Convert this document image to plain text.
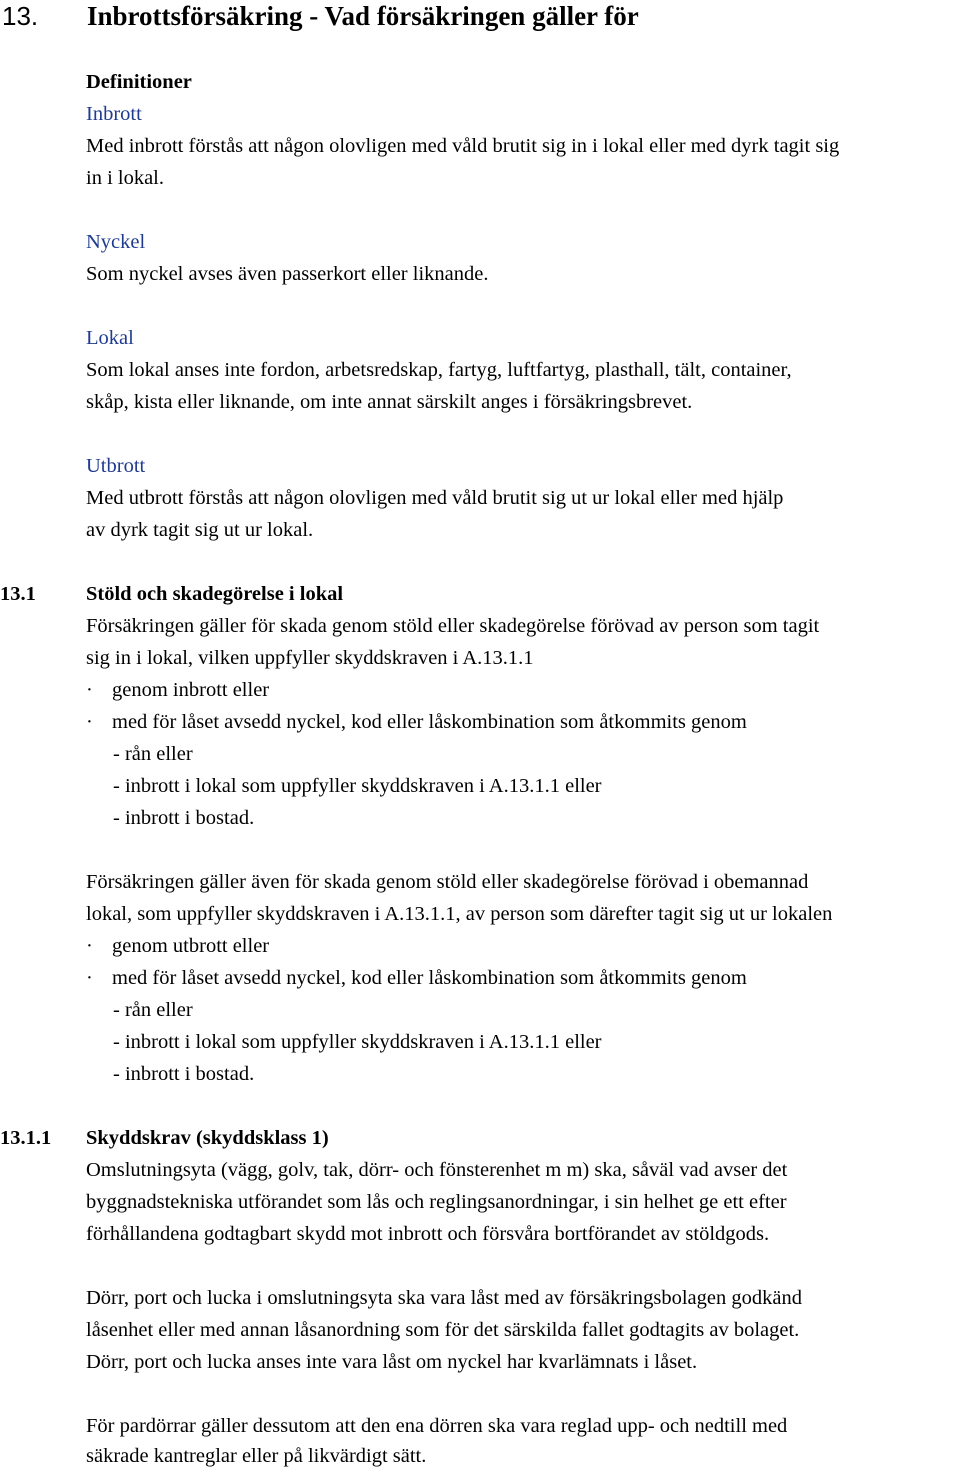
13. Inbrottsförsäkring - Vad försäkringen gäller för
Definitioner
Inbrott
Med inbrott förstås att någon olovligen med våld brutit sig in i lokal eller med dyrk tagit sig
in i lokal.
Nyckel
Som nyckel avses även passerkort eller liknande.
Lokal
Som lokal anses inte fordon, arbetsredskap, fartyg, luftfartyg, plasthall, tält, container,
skåp, kista eller liknande, om inte annat särskilt anges i försäkringsbrevet.
Utbrott
Med utbrott förstås att någon olovligen med våld brutit sig ut ur lokal eller med hjälp
av dyrk tagit sig ut ur lokal.
13.1 Stöld och skadegörelse i lokal
Försäkringen gäller för skada genom stöld eller skadegörelse förövad av person som tagit
sig in i lokal, vilken uppfyller skyddskraven i A.13.1.1
· genom inbrott eller
· med för låset avsedd nyckel, kod eller låskombination som åtkommits genom
- rån eller
- inbrott i lokal som uppfyller skyddskraven i A.13.1.1 eller
- inbrott i bostad.
Försäkringen gäller även för skada genom stöld eller skadegörelse förövad i obemannad
lokal, som uppfyller skyddskraven i A.13.1.1, av person som därefter tagit sig ut ur lokalen
· genom utbrott eller
· med för låset avsedd nyckel, kod eller låskombination som åtkommits genom
- rån eller
- inbrott i lokal som uppfyller skyddskraven i A.13.1.1 eller
- inbrott i bostad.
13.1.1 Skyddskrav (skyddsklass 1)
Omslutningsyta (vägg, golv, tak, dörr- och fönsterenhet m m) ska, såväl vad avser det
byggnadstekniska utförandet som lås och reglingsanordningar, i sin helhet ge ett efter
förhållandena godtagbart skydd mot inbrott och försvåra bortförandet av stöldgods.
Dörr, port och lucka i omslutningsyta ska vara låst med av försäkringsbolagen godkänd
låsenhet eller med annan låsanordning som för det särskilda fallet godtagits av bolaget.
Dörr, port och lucka anses inte vara låst om nyckel har kvarlämnats i låset.
För pardörrar gäller dessutom att den ena dörren ska vara reglad upp- och nedtill med
säkrade kantreglar eller på likvärdigt sätt.
